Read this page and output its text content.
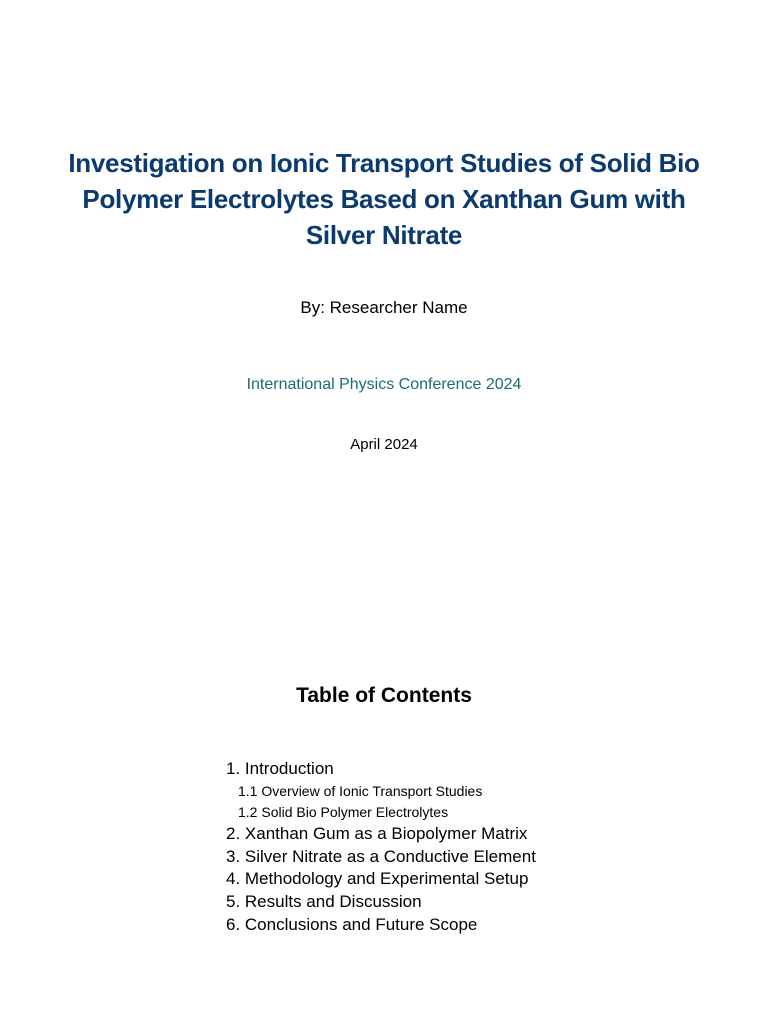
Investigation on Ionic Transport Studies of Solid Bio Polymer Electrolytes Based on Xanthan Gum with Silver Nitrate
By: Researcher Name
International Physics Conference 2024
April 2024
Table of Contents
1. Introduction
1.1 Overview of Ionic Transport Studies
1.2 Solid Bio Polymer Electrolytes
2. Xanthan Gum as a Biopolymer Matrix
3. Silver Nitrate as a Conductive Element
4. Methodology and Experimental Setup
5. Results and Discussion
6. Conclusions and Future Scope
